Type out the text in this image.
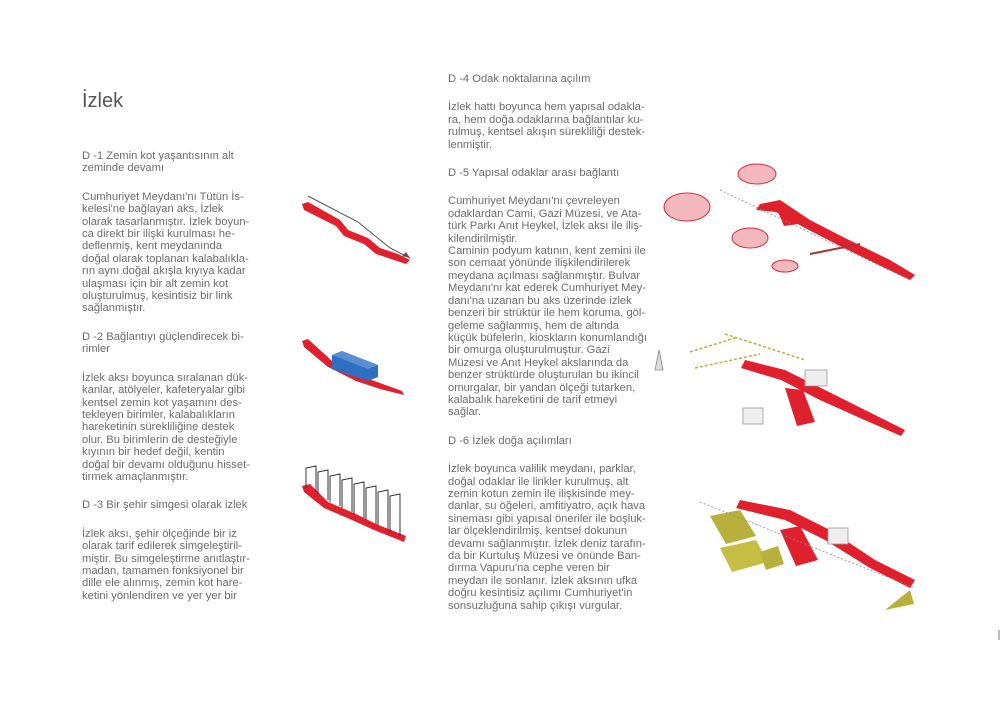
İzlek

D -1 Zemin kot yaşantısının alt
zeminde devamı

Cumhuriyet Meydanı'nı Tütün İs-
kelesi'ne bağlayan aks, İzlek
olarak tasarlanmıştır. İzlek boyun-
ca direkt bir ilişki kurulması he-
deflenmiş, kent meydanında
doğal olarak toplanan kalabalıkla-
rın aynı doğal akışla kıyıya kadar
ulaşması için bir alt zemin kot
oluşturulmuş, kesintisiz bir link
sağlanmıştır.

D -2 Bağlantıyı güçlendirecek bi-
rimler

İzlek aksı boyunca sıralanan dük-
kanlar, atölyeler, kafeteryalar gibi
kentsel zemin kot yaşamını des-
tekleyen birimler, kalabalıkların
hareketinin sürekliliğine destek
olur. Bu birimlerin de desteğiyle
kıyının bir hedef değil, kentin
doğal bir devamı olduğunu hisset-
tirmek amaçlanmıştır.

D -3 Bir şehir simgesi olarak izlek

İzlek aksı, şehir ölçeğinde bir iz
olarak tarif edilerek simgeleştiril-
miştir. Bu simgeleştirme anıtlaştır-
madan, tamamen fonksiyonel bir
dille ele alınmış, zemin kot hare-
ketini yönlendiren ve yer yer bir

D -4 Odak noktalarına açılım

İzlek hattı boyunca hem yapısal odakla-
ra, hem doğa odaklarına bağlantılar ku-
rulmuş, kentsel akışın sürekliliği destek-
lenmiştir.

D -5 Yapısal odaklar arası bağlantı

Cumhuriyet Meydanı'nı çevreleyen
odaklardan Cami, Gazi Müzesi, ve Ata-
türk Parkı Anıt Heykel, İzlek aksı ile iliş-
kilendirilmiştir.
Caminin podyum katının, kent zemini ile
son cemaat yönünde ilişkilendirilerek
meydana açılması sağlanmıştır. Bulvar
Meydanı'nı kat ederek Cumhuriyet Mey-
danı'na uzanan bu aks üzerinde izlek
benzeri bir strüktür ile hem koruma, göl-
geleme sağlanmış, hem de altında
küçük büfelerin, kioskların konumlandığı
bir omurga oluşturulmuştur. Gazi
Müzesi ve Anıt Heykel akslarında da
benzer strüktürde oluşturulan bu ikincil
omurgalar, bir yandan ölçeği tutarken,
kalabalık hareketini de tarif etmeyi
sağlar.

D -6 İzlek doğa açılımları

İzlek boyunca valilik meydanı, parklar,
doğal odaklar ile linkler kurulmuş, alt
zemin kotun zemin ile ilişkisinde mey-
danlar, su öğeleri, amfitiyatro, açık hava
sineması gibi yapısal öneriler ile boşluk-
lar ölçeklendirilmiş, kentsel dokunun
devamı sağlanmıştır. İzlek deniz tarafın-
da bir Kurtuluş Müzesi ve önünde Ban-
dırma Vapuru'na cephe veren bir
meydan ile sonlanır. İzlek aksının ufka
doğru kesintisiz açılımı Cumhuriyet'in
sonsuzluğuna sahip çıkışı vurgular.
